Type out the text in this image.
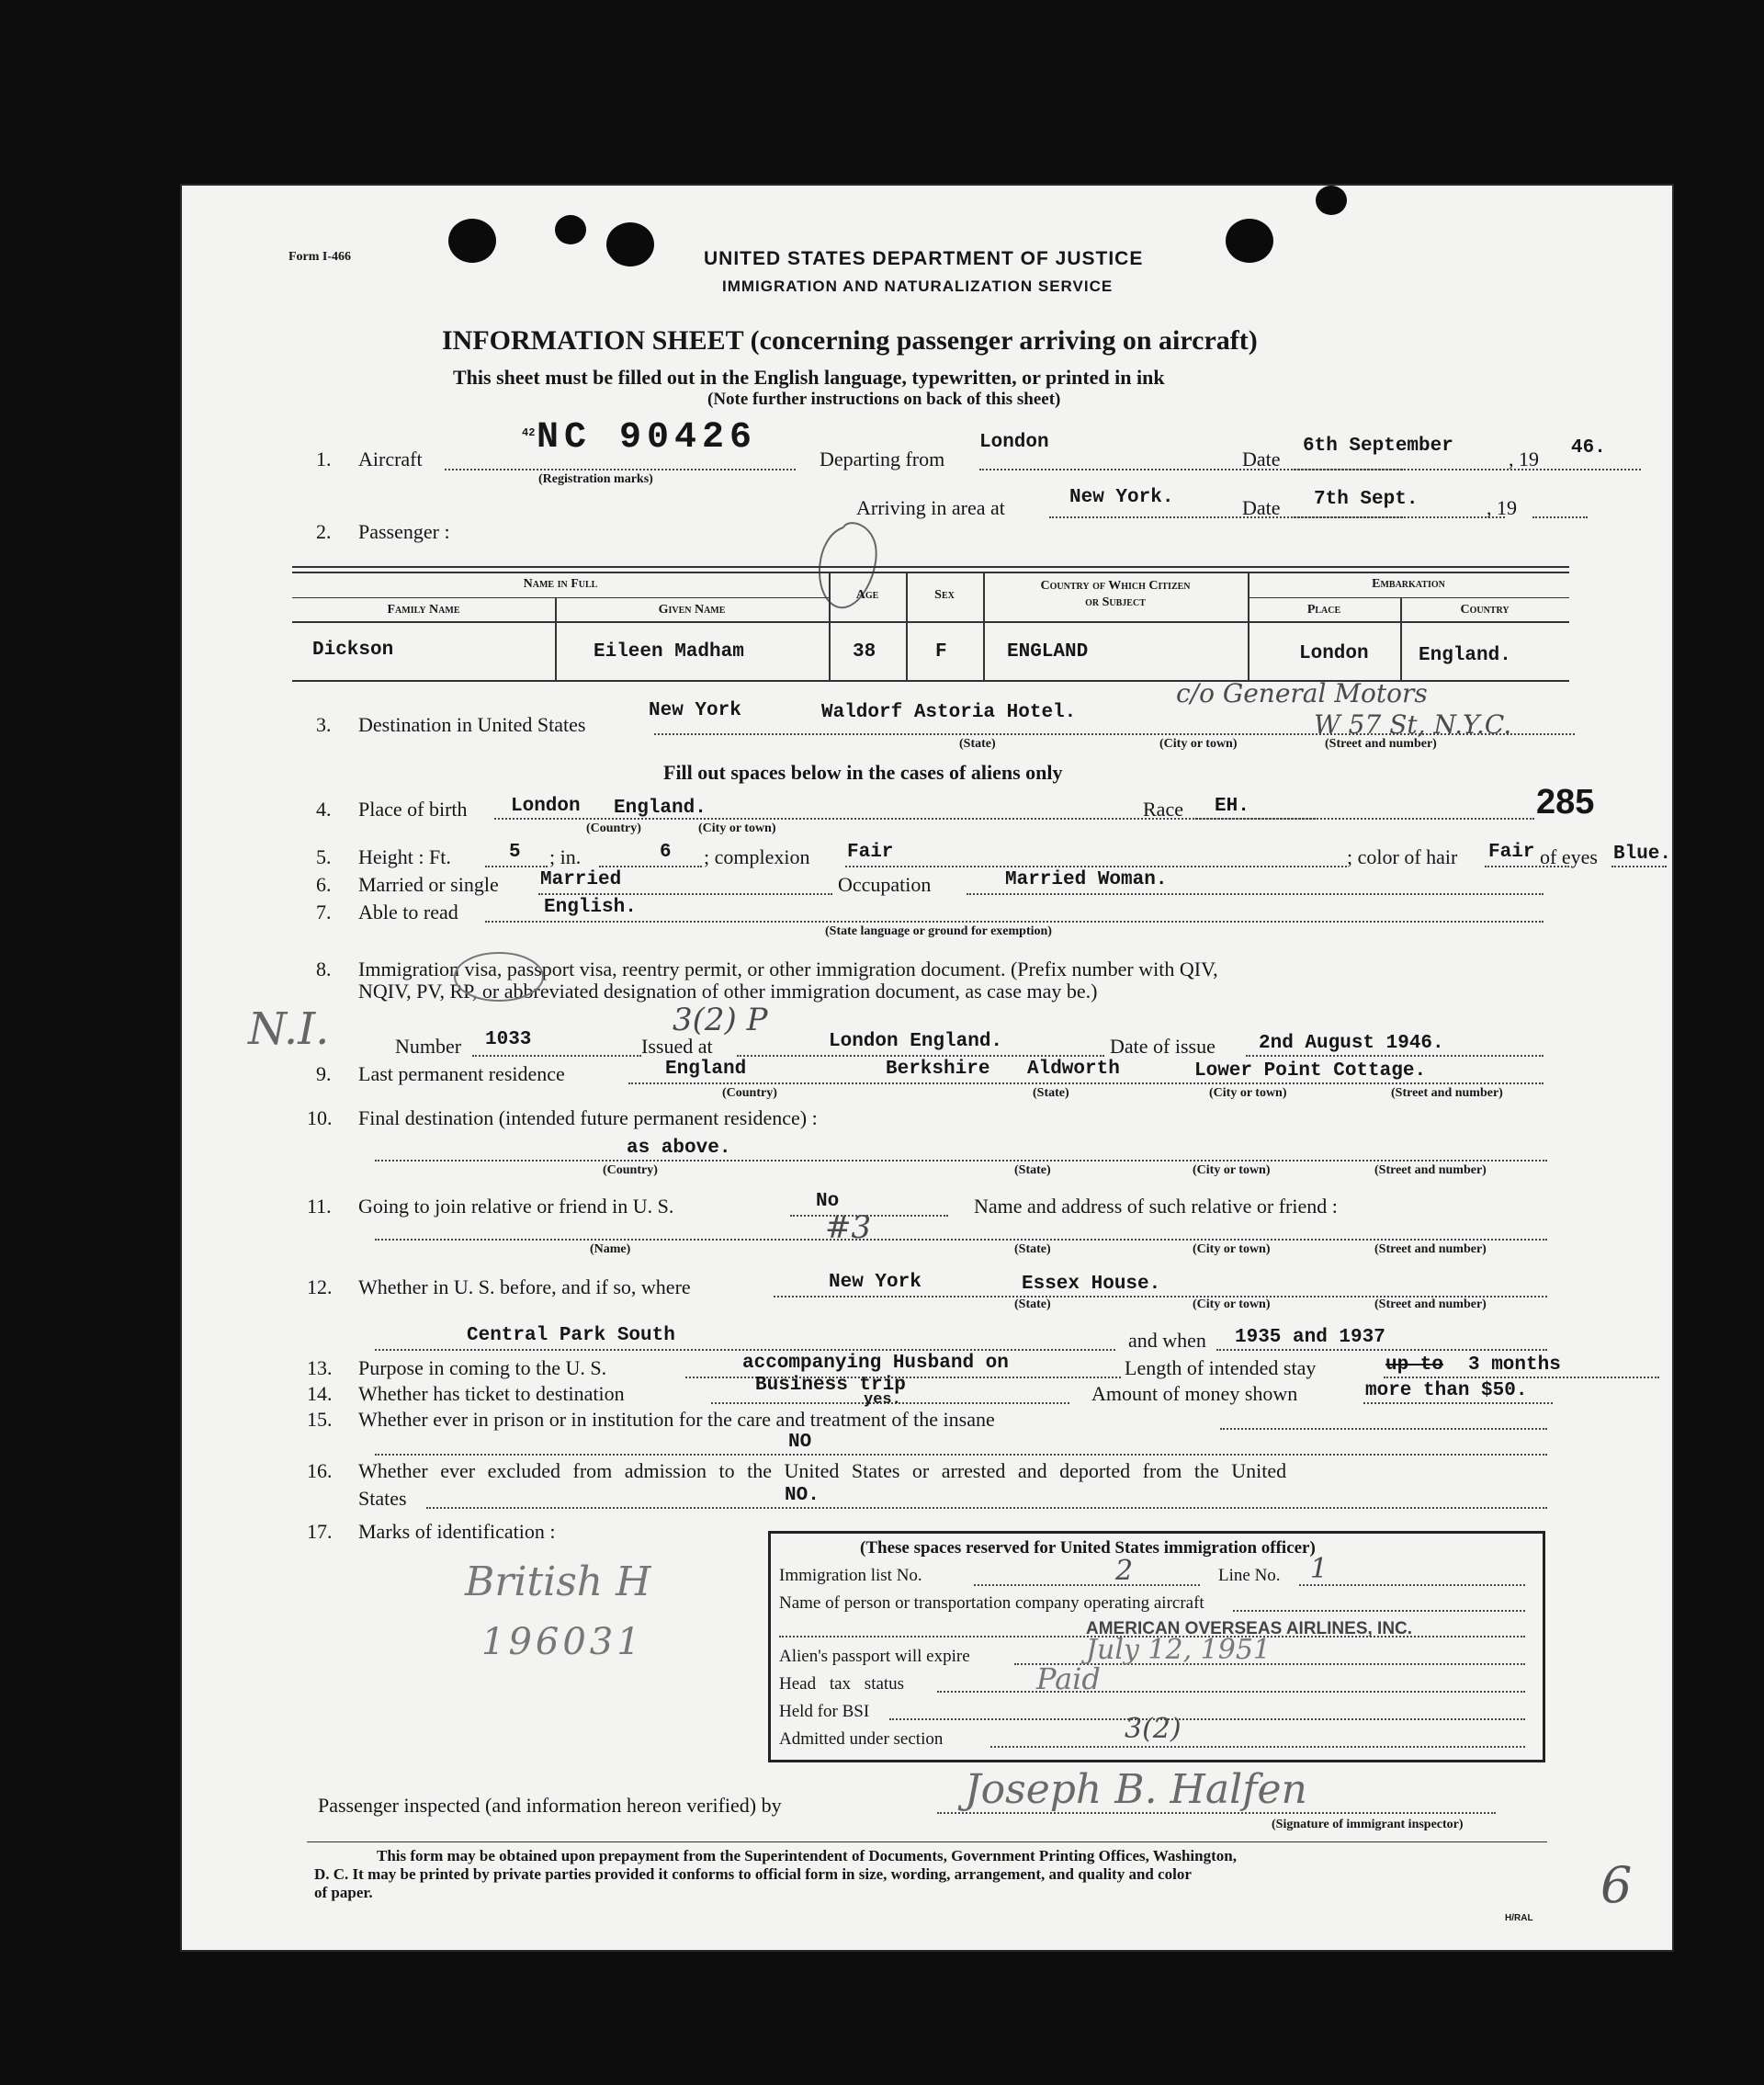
Form I-466	UNITED STATES DEPARTMENT OF JUSTICE
IMMIGRATION AND NATURALIZATION SERVICE
INFORMATION SHEET (concerning passenger arriving on aircraft)
This sheet must be filled out in the English language, typewritten, or printed in ink
(Note further instructions on back of this sheet)
1. Aircraft
42 NC 90426
(Registration marks)
Departing from
London
Date
6th September
, 19 46.
Arriving in area at	New York.	Date 7th Sept.	, 19
2. Passenger :
Name in Full
Family Name	Given Name
Age	Sex
Country of Which Citizen
or Subject
Embarkation
Place	Country
Dickson	Eileen Madham	38	F	ENGLAND	London	England.
3. Destination in United States
New York	Waldorf Astoria Hotel.
c/o General Motors
W 57 St, N.Y.C.
(State)	(City or town)	(Street and number)
Fill out spaces below in the cases of aliens only
4. Place of birth London England.	Race EH.	285
(Country)	(City or town)
5. Height : Ft.	5 ; in.	6 ; complexion Fair	; color of hair Fair of eyes Blue.
6. Married or single Married	Occupation	Married Woman.
7. Able to read	English.
(State language or ground for exemption)
8. Immigration visa, passport visa, reentry permit, or other immigration document. (Prefix number with QIV,
NQIV, PV, RP, or abbreviated designation of other immigration document, as case may be.)
N.I.	3(2) P
Number 1033	Issued at	London England.	Date of issue 2nd August 1946.
9. Last permanent residence	England	Berkshire Aldworth	Lower Point Cottage.
(Country)	(State)	(City or town)	(Street and number)
10. Final destination (intended future permanent residence) :
as above.
(Country)	(State)	(City or town)	(Street and number)
11. Going to join relative or friend in U. S.	No	Name and address of such relative or friend :
#3
(Name)	(State)	(City or town)	(Street and number)
12. Whether in U. S. before, and if so, where	New York	Essex House.
(State)	(City or town)	(Street and number)
Central Park South	and when 1935 and 1937
13. Purpose in coming to the U. S.	accompanying Husband on	Length of intended stay	up to 3 months
14. Whether has ticket to destination	Business trip
yes.	Amount of money shown	more than $50.
15. Whether ever in prison or in institution for the care and treatment of the insane
NO
16. Whether ever excluded from admission to the United States or arrested and deported from the United
States	NO.
17. Marks of identification :
British H
196031
(These spaces reserved for United States immigration officer)
Immigration list No.	2	Line No. 1
Name of person or transportation company operating aircraft
AMERICAN OVERSEAS AIRLINES, INC.
Alien's passport will expire	July 12, 1951
Head tax status	Paid
Held for BSI
Admitted under section	3(2)
Passenger inspected (and information hereon verified) by	Joseph B. Halfen
(Signature of immigrant inspector)
This form may be obtained upon prepayment from the Superintendent of Documents, Government Printing Offices, Washington,
D. C. It may be printed by private parties provided it conforms to official form in size, wording, arrangement, and quality and color
of paper.	6
H/RAL
